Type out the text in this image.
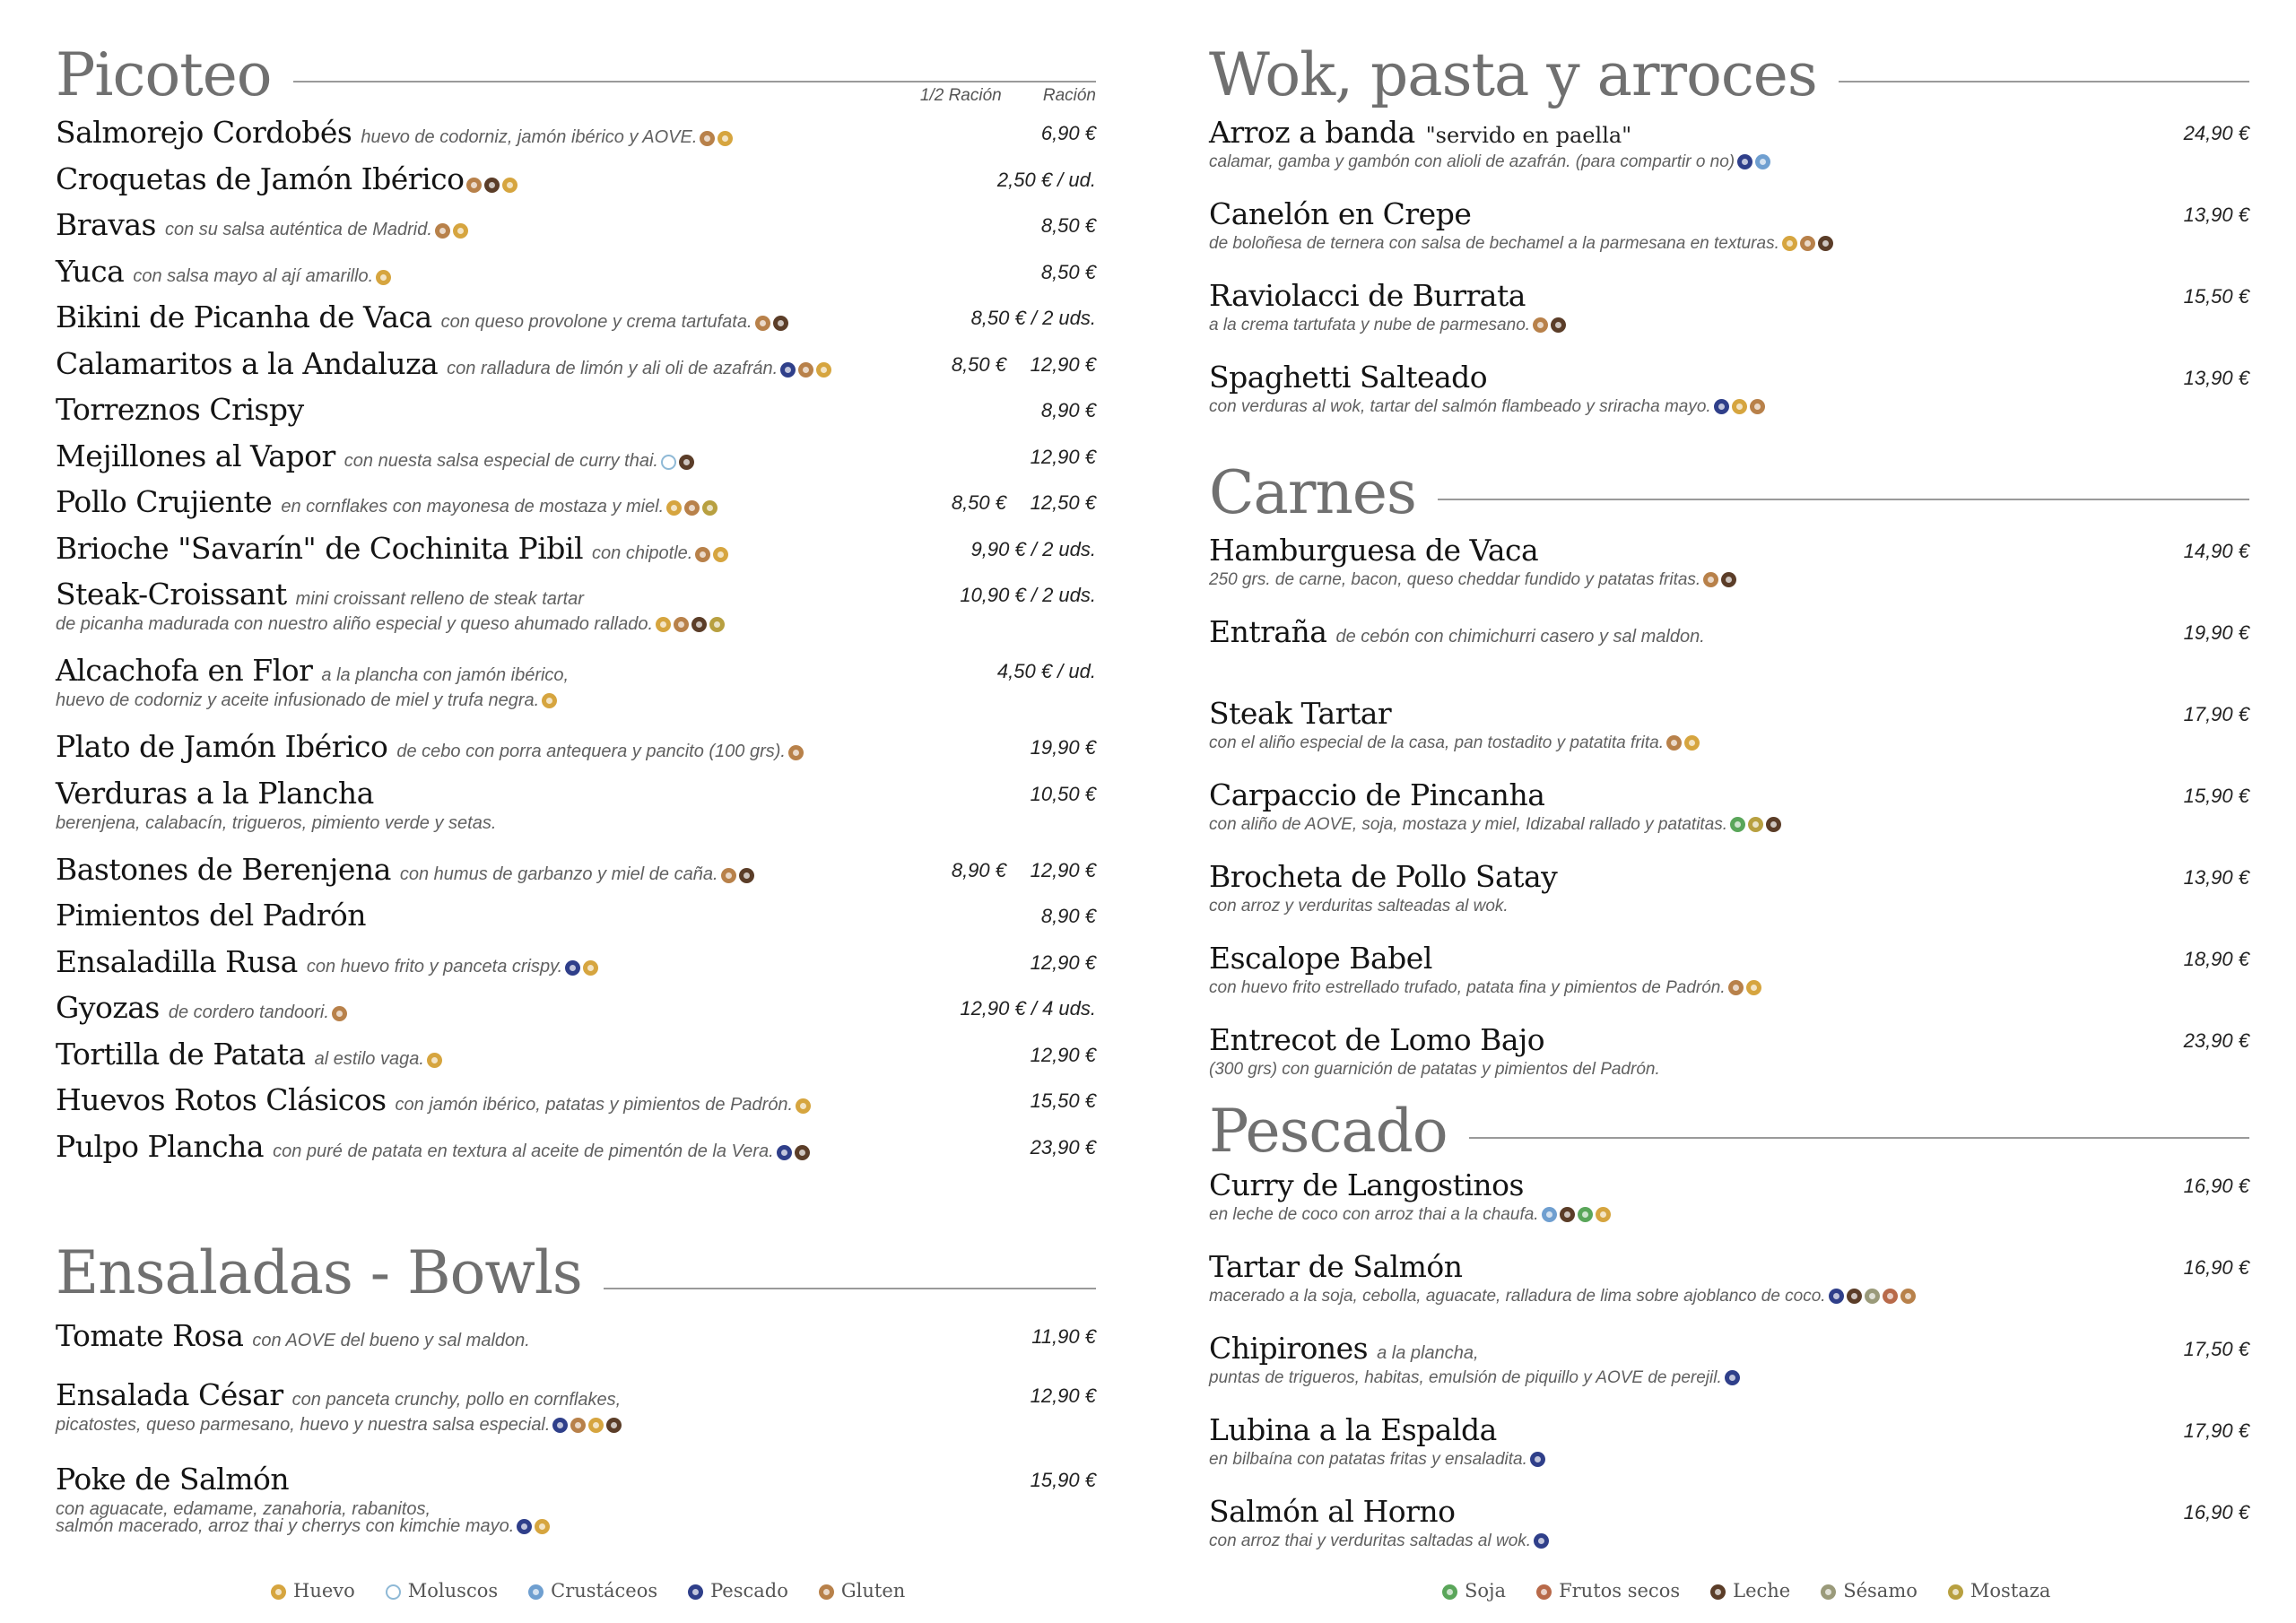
Picoteo	1/2 Ración Ración
Salmorejo Cordobés huevo de codorniz, jamón ibérico y AOVE.	6,90 €
Croquetas de Jamón Ibérico	2,50 € / ud.
Bravas con su salsa auténtica de Madrid.	8,50 €
Yuca con salsa mayo al ají amarillo.	8,50 €
Bikini de Picanha de Vaca con queso provolone y crema tartufata.	8,50 € / 2 uds.
Calamaritos a la Andaluza con ralladura de limón y ali oli de azafrán.	8,50 €	12,90 €
Torreznos Crispy	8,90 €
Mejillones al Vapor con nuesta salsa especial de curry thai.	12,90 €
Pollo Crujiente en cornflakes con mayonesa de mostaza y miel.	8,50 €	12,50 €
Brioche "Savarín" de Cochinita Pibil con chipotle.	9,90 € / 2 uds.
Steak-Croissant mini croissant relleno de steak tartar	10,90 € / 2 uds.
de picanha madurada con nuestro aliño especial y queso ahumado rallado.
Alcachofa en Flor a la plancha con jamón ibérico,	4,50 € / ud.
huevo de codorniz y aceite infusionado de miel y trufa negra.
Plato de Jamón Ibérico de cebo con porra antequera y pancito (100 grs).	19,90 €
Verduras a la Plancha	10,50 €
berenjena, calabacín, trigueros, pimiento verde y setas.
Bastones de Berenjena con humus de garbanzo y miel de caña.	8,90 €	12,90 €
Pimientos del Padrón	8,90 €
Ensaladilla Rusa con huevo frito y panceta crispy.	12,90 €
Gyozas de cordero tandoori.	12,90 € / 4 uds.
Tortilla de Patata al estilo vaga.	12,90 €
Huevos Rotos Clásicos con jamón ibérico, patatas y pimientos de Padrón.	15,50 €
Pulpo Plancha con puré de patata en textura al aceite de pimentón de la Vera.	23,90 €
Ensaladas - Bowls
Tomate Rosa con AOVE del bueno y sal maldon.	11,90 €
Ensalada César con panceta crunchy, pollo en cornflakes,	12,90 €
picatostes, queso parmesano, huevo y nuestra salsa especial.
Poke de Salmón	15,90 €
con aguacate, edamame, zanahoria, rabanitos,
salmón macerado, arroz thai y cherrys con kimchie mayo.
Huevo	Moluscos	Crustáceos	Pescado	Gluten
Wok, pasta y arroces
Arroz a banda "servido en paella"	24,90 €
calamar, gamba y gambón con alioli de azafrán. (para compartir o no)
Canelón en Crepe	13,90 €
de boloñesa de ternera con salsa de bechamel a la parmesana en texturas.
Raviolacci de Burrata	15,50 €
a la crema tartufata y nube de parmesano.
Spaghetti Salteado	13,90 €
con verduras al wok, tartar del salmón flambeado y sriracha mayo.
Carnes
Hamburguesa de Vaca	14,90 €
250 grs. de carne, bacon, queso cheddar fundido y patatas fritas.
Entraña de cebón con chimichurri casero y sal maldon.	19,90 €
Steak Tartar	17,90 €
con el aliño especial de la casa, pan tostadito y patatita frita.
Carpaccio de Pincanha	15,90 €
con aliño de AOVE, soja, mostaza y miel, Idizabal rallado y patatitas.
Brocheta de Pollo Satay	13,90 €
con arroz y verduritas salteadas al wok.
Escalope Babel	18,90 €
con huevo frito estrellado trufado, patata fina y pimientos de Padrón.
Entrecot de Lomo Bajo	23,90 €
(300 grs) con guarnición de patatas y pimientos del Padrón.
Pescado
Curry de Langostinos	16,90 €
en leche de coco con arroz thai a la chaufa.
Tartar de Salmón	16,90 €
macerado a la soja, cebolla, aguacate, ralladura de lima sobre ajoblanco de coco.
Chipirones a la plancha,	17,50 €
puntas de trigueros, habitas, emulsión de piquillo y AOVE de perejil.
Lubina a la Espalda	17,90 €
en bilbaína con patatas fritas y ensaladita.
Salmón al Horno	16,90 €
con arroz thai y verduritas saltadas al wok.
Soja	Frutos secos	Leche	Sésamo	Mostaza
